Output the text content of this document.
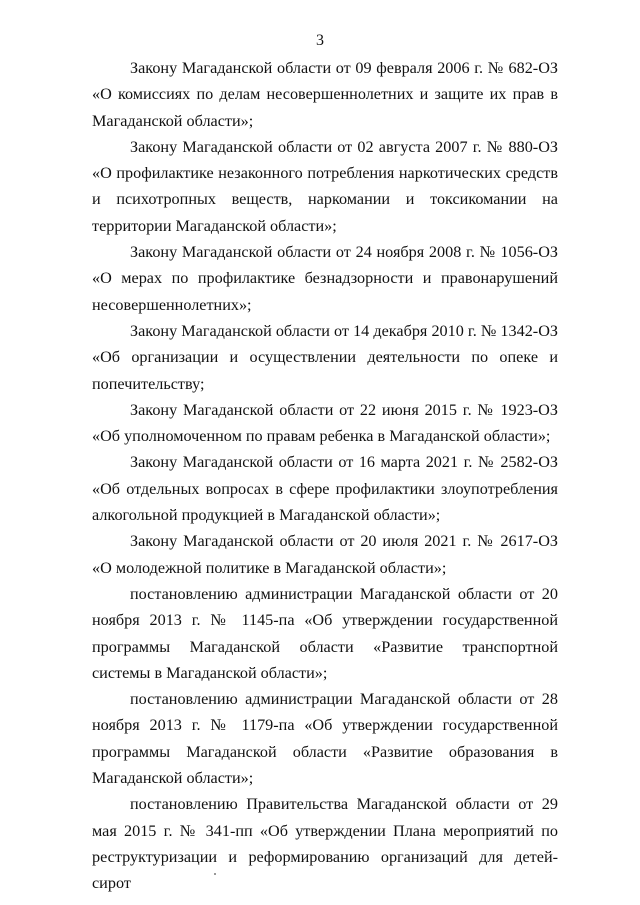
3

Закону Магаданской области от 09 февраля 2006 г. № 682-ОЗ «О комиссиях по делам несовершеннолетних и защите их прав в Магаданской области»;

Закону Магаданской области от 02 августа 2007 г. № 880-ОЗ «О профилактике незаконного потребления наркотических средств и психотропных веществ, наркомании и токсикомании на территории Магаданской области»;

Закону Магаданской области от 24 ноября 2008 г. № 1056-ОЗ «О мерах по профилактике безнадзорности и правонарушений несовершеннолетних»;

Закону Магаданской области от 14 декабря 2010 г. № 1342-ОЗ «Об организации и осуществлении деятельности по опеке и попечительству;

Закону Магаданской области от 22 июня 2015 г. № 1923-ОЗ «Об уполномоченном по правам ребенка в Магаданской области»;

Закону Магаданской области от 16 марта 2021 г. № 2582-ОЗ «Об отдельных вопросах в сфере профилактики злоупотребления алкогольной продукцией в Магаданской области»;

Закону Магаданской области от 20 июля 2021 г. № 2617-ОЗ «О молодежной политике в Магаданской области»;

постановлению администрации Магаданской области от 20 ноября 2013 г. № 1145-па «Об утверждении государственной программы Магаданской области «Развитие транспортной системы в Магаданской области»;

постановлению администрации Магаданской области от 28 ноября 2013 г. № 1179-па «Об утверждении государственной программы Магаданской области «Развитие образования в Магаданской области»;

постановлению Правительства Магаданской области от 29 мая 2015 г. № 341-пп «Об утверждении Плана мероприятий по реструктуризации и реформированию организаций для детей-сирот
